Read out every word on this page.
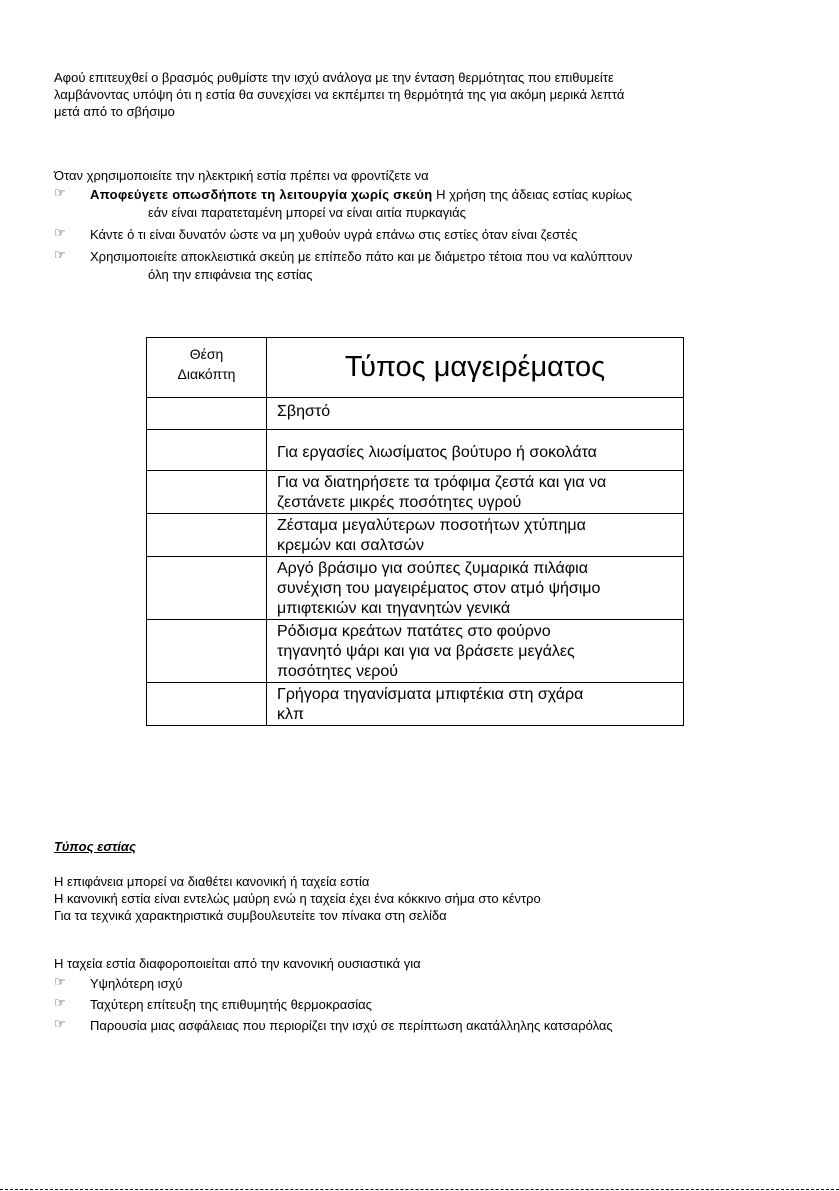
Αφού επιτευχθεί ο βρασμός ρυθμίστε την ισχύ ανάλογα με την ένταση θερμότητας που επιθυμείτε
λαμβάνοντας υπόψη ότι η εστία θα συνεχίσει να εκπέμπει τη θερμότητά της για ακόμη μερικά λεπτά
μετά από το σβήσιμο
Όταν χρησιμοποιείτε την ηλεκτρική εστία πρέπει να φροντίζετε να
☞ Αποφεύγετε οπωσδήποτε τη λειτουργία χωρίς σκεύη Η χρήση της άδειας εστίας κυρίως
εάν είναι παρατεταμένη μπορεί να είναι αιτία πυρκαγιάς
☞ Κάντε ό τι είναι δυνατόν ώστε να μη χυθούν υγρά επάνω στις εστίες όταν είναι ζεστές
☞ Χρησιμοποιείτε αποκλειστικά σκεύη με επίπεδο πάτο και με διάμετρο τέτοια που να καλύπτουν
όλη την επιφάνεια της εστίας
Θέση
Διακόπτη	Τύπος μαγειρέματος

	Σβηστό

	Για εργασίες λιωσίματος βούτυρο ή σοκολάτα

	Για να διατηρήσετε τα τρόφιμα ζεστά και για να
ζεστάνετε μικρές ποσότητες υγρού

	Ζέσταμα μεγαλύτερων ποσοτήτων χτύπημα
κρεμών και σαλτσών

	Αργό βράσιμο για σούπες ζυμαρικά πιλάφια
συνέχιση του μαγειρέματος στον ατμό ψήσιμο
μπιφτεκιών και τηγανητών γενικά

	Ρόδισμα κρεάτων πατάτες στο φούρνο
τηγανητό ψάρι και για να βράσετε μεγάλες
ποσότητες νερού

	Γρήγορα τηγανίσματα μπιφτέκια στη σχάρα
κλπ
Τύπος εστίας
Η επιφάνεια μπορεί να διαθέτει κανονική ή ταχεία εστία
Η κανονική εστία είναι εντελώς μαύρη ενώ η ταχεία έχει ένα κόκκινο σήμα στο κέντρο
Για τα τεχνικά χαρακτηριστικά συμβουλευτείτε τον πίνακα στη σελίδα
Η ταχεία εστία διαφοροποιείται από την κανονική ουσιαστικά για
☞ Υψηλότερη ισχύ
☞ Ταχύτερη επίτευξη της επιθυμητής θερμοκρασίας
☞ Παρουσία μιας ασφάλειας που περιορίζει την ισχύ σε περίπτωση ακατάλληλης κατσαρόλας
